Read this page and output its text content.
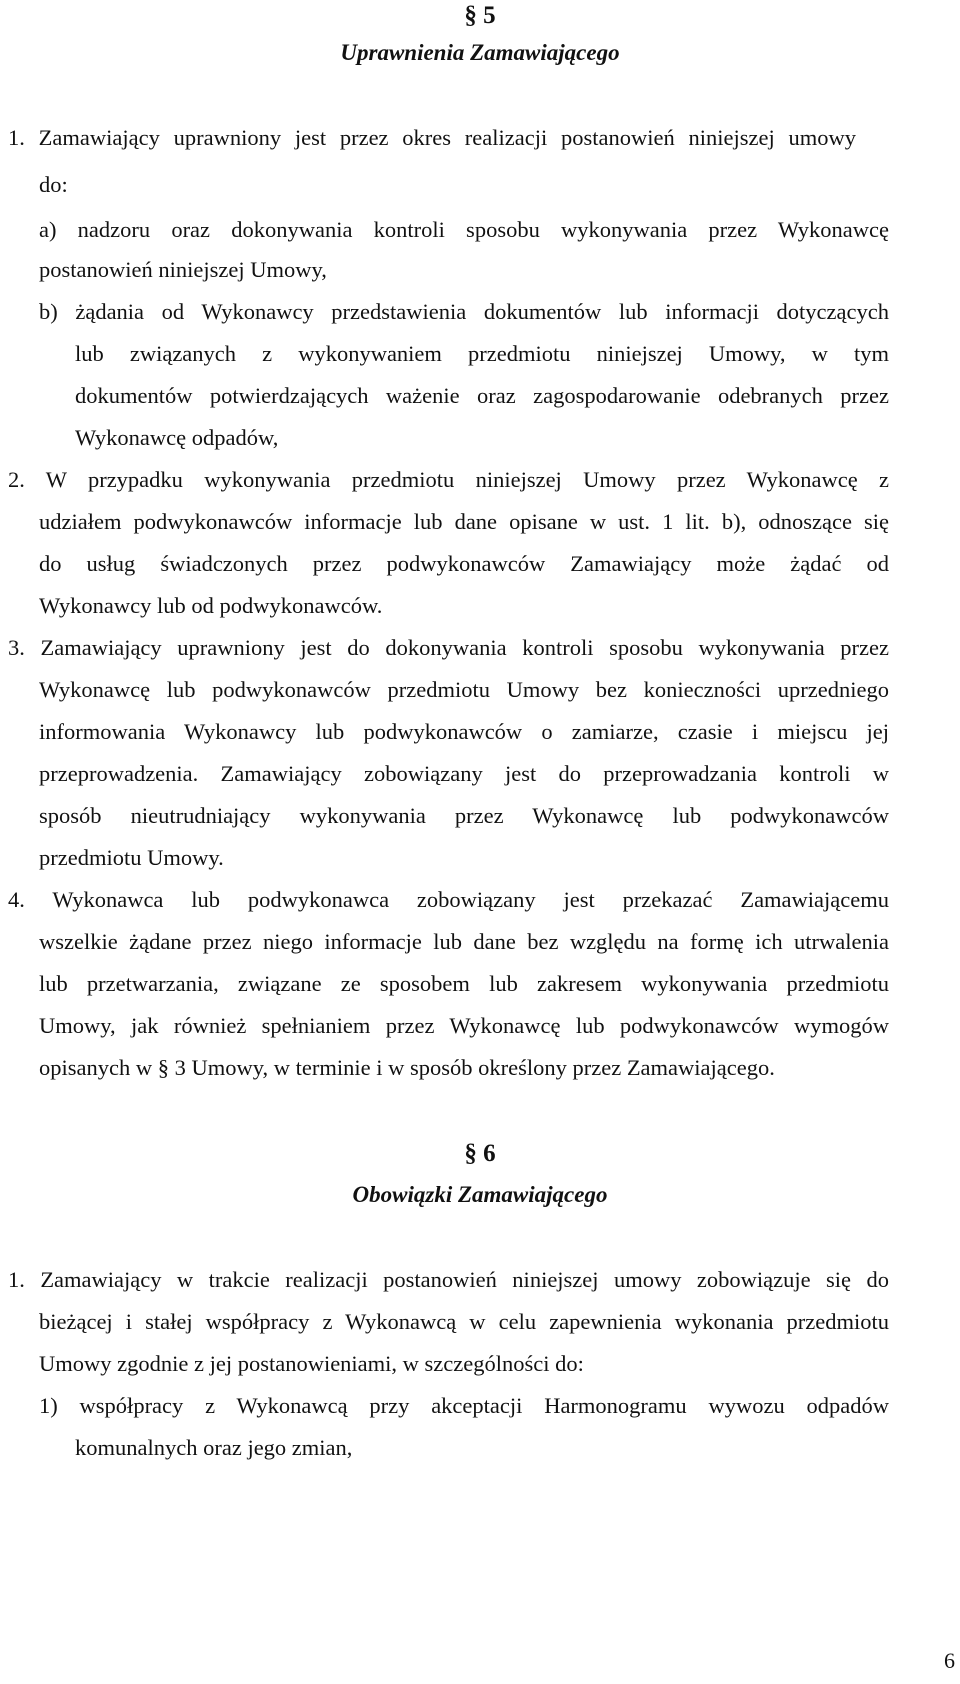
§ 5
Uprawnienia Zamawiającego
1. Zamawiający uprawniony jest przez okres realizacji postanowień niniejszej umowy
do:
a) nadzoru oraz dokonywania kontroli sposobu wykonywania przez Wykonawcę
postanowień niniejszej Umowy,
b) żądania od Wykonawcy przedstawienia dokumentów lub informacji dotyczących
lub związanych z wykonywaniem przedmiotu niniejszej Umowy, w tym
dokumentów potwierdzających ważenie oraz zagospodarowanie odebranych przez
Wykonawcę odpadów,
2. W przypadku wykonywania przedmiotu niniejszej Umowy przez Wykonawcę z
udziałem podwykonawców informacje lub dane opisane w ust. 1 lit. b), odnoszące się
do usług świadczonych przez podwykonawców Zamawiający może żądać od
Wykonawcy lub od podwykonawców.
3. Zamawiający uprawniony jest do dokonywania kontroli sposobu wykonywania przez
Wykonawcę lub podwykonawców przedmiotu Umowy bez konieczności uprzedniego
informowania Wykonawcy lub podwykonawców o zamiarze, czasie i miejscu jej
przeprowadzenia. Zamawiający zobowiązany jest do przeprowadzania kontroli w
sposób nieutrudniający wykonywania przez Wykonawcę lub podwykonawców
przedmiotu Umowy.
4. Wykonawca lub podwykonawca zobowiązany jest przekazać Zamawiającemu
wszelkie żądane przez niego informacje lub dane bez względu na formę ich utrwalenia
lub przetwarzania, związane ze sposobem lub zakresem wykonywania przedmiotu
Umowy, jak również spełnianiem przez Wykonawcę lub podwykonawców wymogów
opisanych w § 3 Umowy, w terminie i w sposób określony przez Zamawiającego.
§ 6
Obowiązki Zamawiającego
1. Zamawiający w trakcie realizacji postanowień niniejszej umowy zobowiązuje się do
bieżącej i stałej współpracy z Wykonawcą w celu zapewnienia wykonania przedmiotu
Umowy zgodnie z jej postanowieniami, w szczególności do:
1) współpracy z Wykonawcą przy akceptacji Harmonogramu wywozu odpadów
komunalnych oraz jego zmian,
6
